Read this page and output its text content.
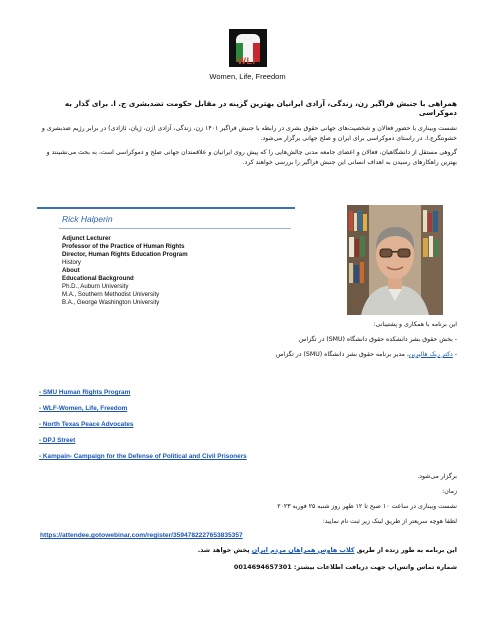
WLF
Women, Life, Freedom
همراهی با جنبش فراگیر زن، زندگی، آزادی ایرانیان بهترین گزینه در مقابل حکومت تضدبشری ج. ا. برای گذار به دموکراسی

نشست وبیناری با حضور فعالان و شخصیت‌های جهانی حقوق بشری در رابطه با جنبش فراگیر ۱۴۰۱ زن، زندگی، آزادی (ژن، ژیان، ئازادی) در برابر رژیم ضدبشری و خشونتگرج.ا. در راستای دموکراسی برای ایران و صلح جهانی برگزار می‌شود.

گروهی مستقل از دانشگاهیان، فعالان و اعضای جامعه مدنی چالش‌هایی را که پیش روی ایرانیان و علاقمندان جهانی صلح و دموکراسی است، به بحث می‌نشینند و بهترین راهکارهای رسیدن به اهداف انسانی این جنبش فراگیر را بررسی خواهند کرد.

Rick Halperin
Adjunct Lecturer
Professor of the Practice of Human Rights
Director, Human Rights Education Program
History
About
Educational Background
Ph.D., Auburn University
M.A., Southern Methodist University
B.A., George Washington University
این برنامه با همکاری و پشتیبانی:
- بخش حقوق بشر دانشکده حقوق دانشگاه (SMU) در تگزاس
- دکتر ریک هالپرین، مدیر برنامه حقوق بشر دانشگاه (SMU) در تگزاس
- SMU Human Rights Program
- WLF-Women, Life, Freedom
- North Texas Peace Advocates
- DPJ Street
- Kampain- Campaign for the Defense of Political and Civil Prisoners
برگزار می‌شود.
زمان:
نشست وبیناری در ساعت ۱۰ صبح تا ۱۲ ظهر روز شنبه ۲۵ فوریه ۲۰۲۳
لطفا هوچه سریعتر از طریق لینک زیر ثبت نام نمایید:
https://attendee.gotowebinar.com/register/3594782227653835357
این برنامه به طور زنده از طریق کلاب هاوس همراهان مردم ایران پخش خواهد شد.
شماره تماس واتس‌اپ جهت دریافت اطلاعات بیشتر: 0014694657301
